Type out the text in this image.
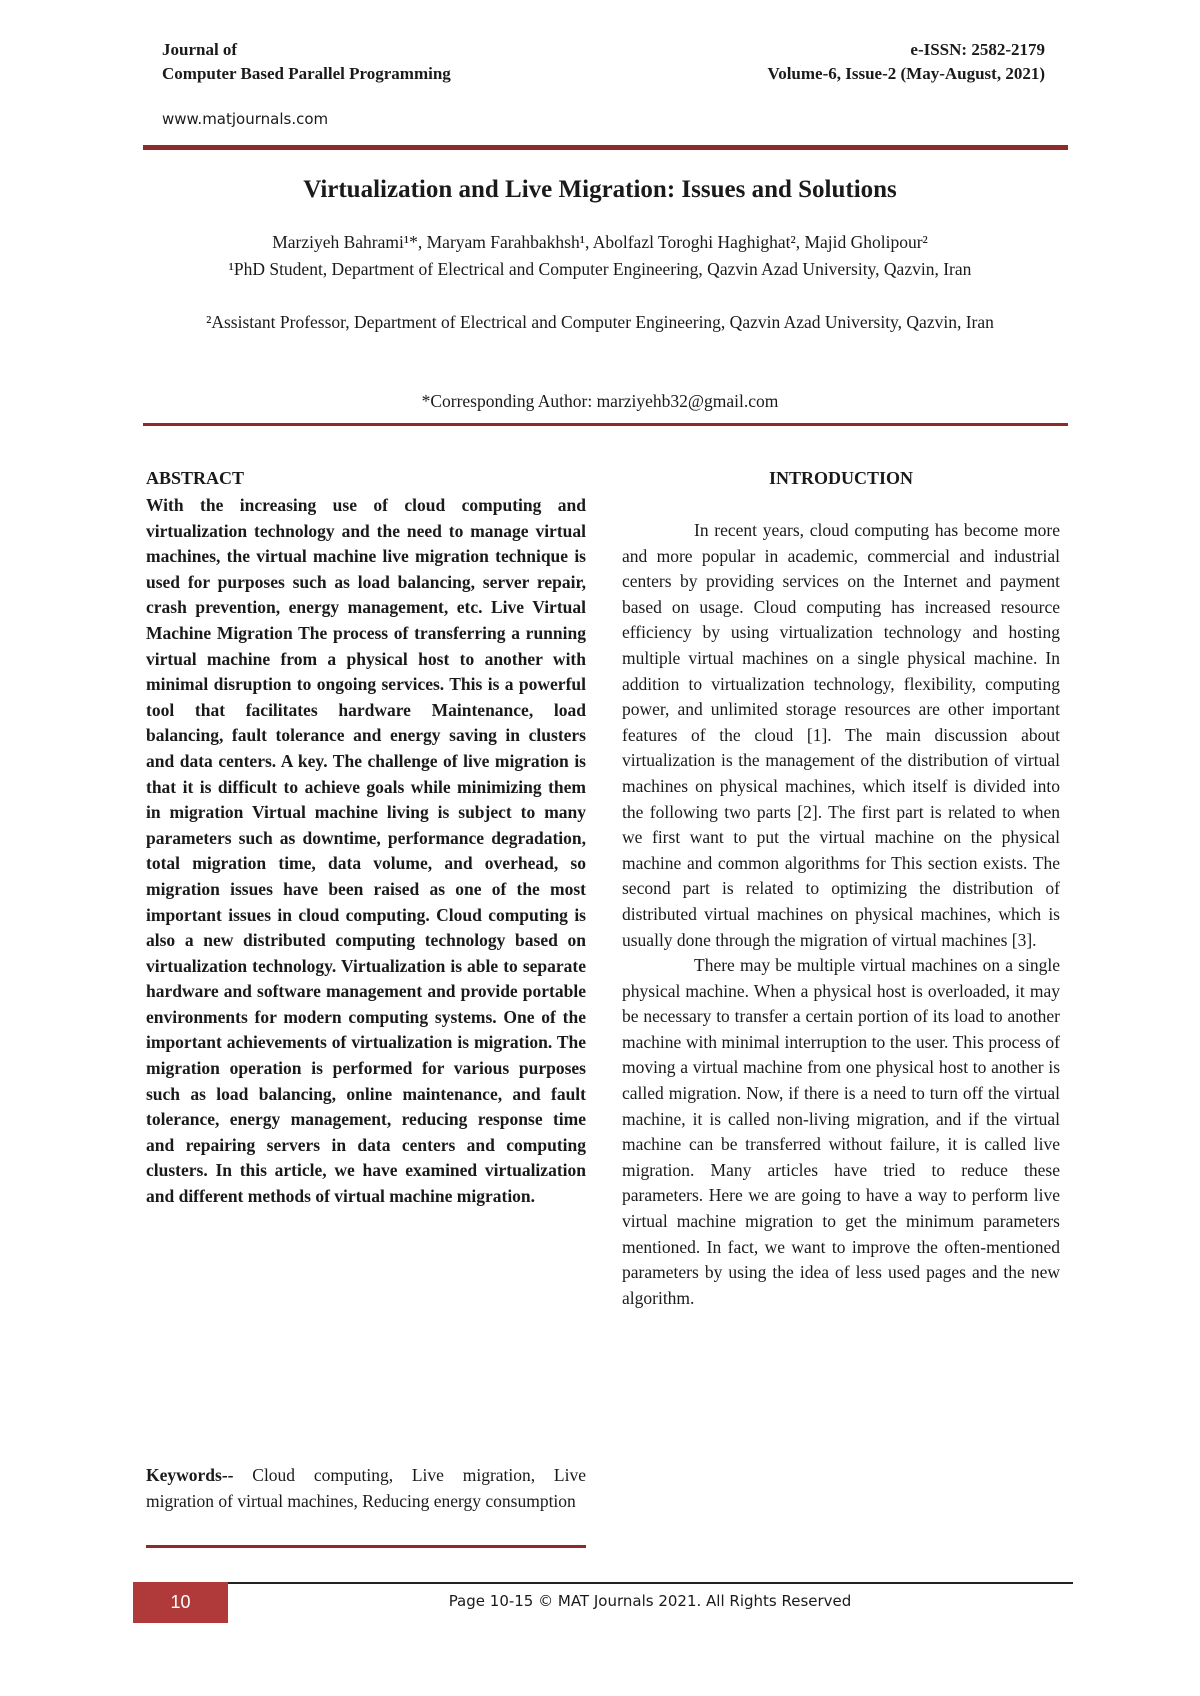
Journal of
Computer Based Parallel Programming
e-ISSN: 2582-2179
Volume-6, Issue-2 (May-August, 2021)
www.matjournals.com
Virtualization and Live Migration: Issues and Solutions
Marziyeh Bahrami¹*, Maryam Farahbakhsh¹, Abolfazl Toroghi Haghighat², Majid Gholipour²
¹PhD Student, Department of Electrical and Computer Engineering, Qazvin Azad University, Qazvin, Iran
²Assistant Professor, Department of Electrical and Computer Engineering, Qazvin Azad University, Qazvin, Iran
*Corresponding Author: marziyehb32@gmail.com
ABSTRACT
With the increasing use of cloud computing and virtualization technology and the need to manage virtual machines, the virtual machine live migration technique is used for purposes such as load balancing, server repair, crash prevention, energy management, etc. Live Virtual Machine Migration The process of transferring a running virtual machine from a physical host to another with minimal disruption to ongoing services. This is a powerful tool that facilitates hardware Maintenance, load balancing, fault tolerance and energy saving in clusters and data centers. A key. The challenge of live migration is that it is difficult to achieve goals while minimizing them in migration Virtual machine living is subject to many parameters such as downtime, performance degradation, total migration time, data volume, and overhead, so migration issues have been raised as one of the most important issues in cloud computing. Cloud computing is also a new distributed computing technology based on virtualization technology. Virtualization is able to separate hardware and software management and provide portable environments for modern computing systems. One of the important achievements of virtualization is migration. The migration operation is performed for various purposes such as load balancing, online maintenance, and fault tolerance, energy management, reducing response time and repairing servers in data centers and computing clusters. In this article, we have examined virtualization and different methods of virtual machine migration.
Keywords-- Cloud computing, Live migration, Live migration of virtual machines, Reducing energy consumption
INTRODUCTION

In recent years, cloud computing has become more and more popular in academic, commercial and industrial centers by providing services on the Internet and payment based on usage. Cloud computing has increased resource efficiency by using virtualization technology and hosting multiple virtual machines on a single physical machine. In addition to virtualization technology, flexibility, computing power, and unlimited storage resources are other important features of the cloud [1]. The main discussion about virtualization is the management of the distribution of virtual machines on physical machines, which itself is divided into the following two parts [2]. The first part is related to when we first want to put the virtual machine on the physical machine and common algorithms for This section exists. The second part is related to optimizing the distribution of distributed virtual machines on physical machines, which is usually done through the migration of virtual machines [3].

There may be multiple virtual machines on a single physical machine. When a physical host is overloaded, it may be necessary to transfer a certain portion of its load to another machine with minimal interruption to the user. This process of moving a virtual machine from one physical host to another is called migration. Now, if there is a need to turn off the virtual machine, it is called non-living migration, and if the virtual machine can be transferred without failure, it is called live migration. Many articles have tried to reduce these parameters. Here we are going to have a way to perform live virtual machine migration to get the minimum parameters mentioned. In fact, we want to improve the often-mentioned parameters by using the idea of less used pages and the new algorithm.

10	Page 10-15 © MAT Journals 2021. All Rights Reserved
